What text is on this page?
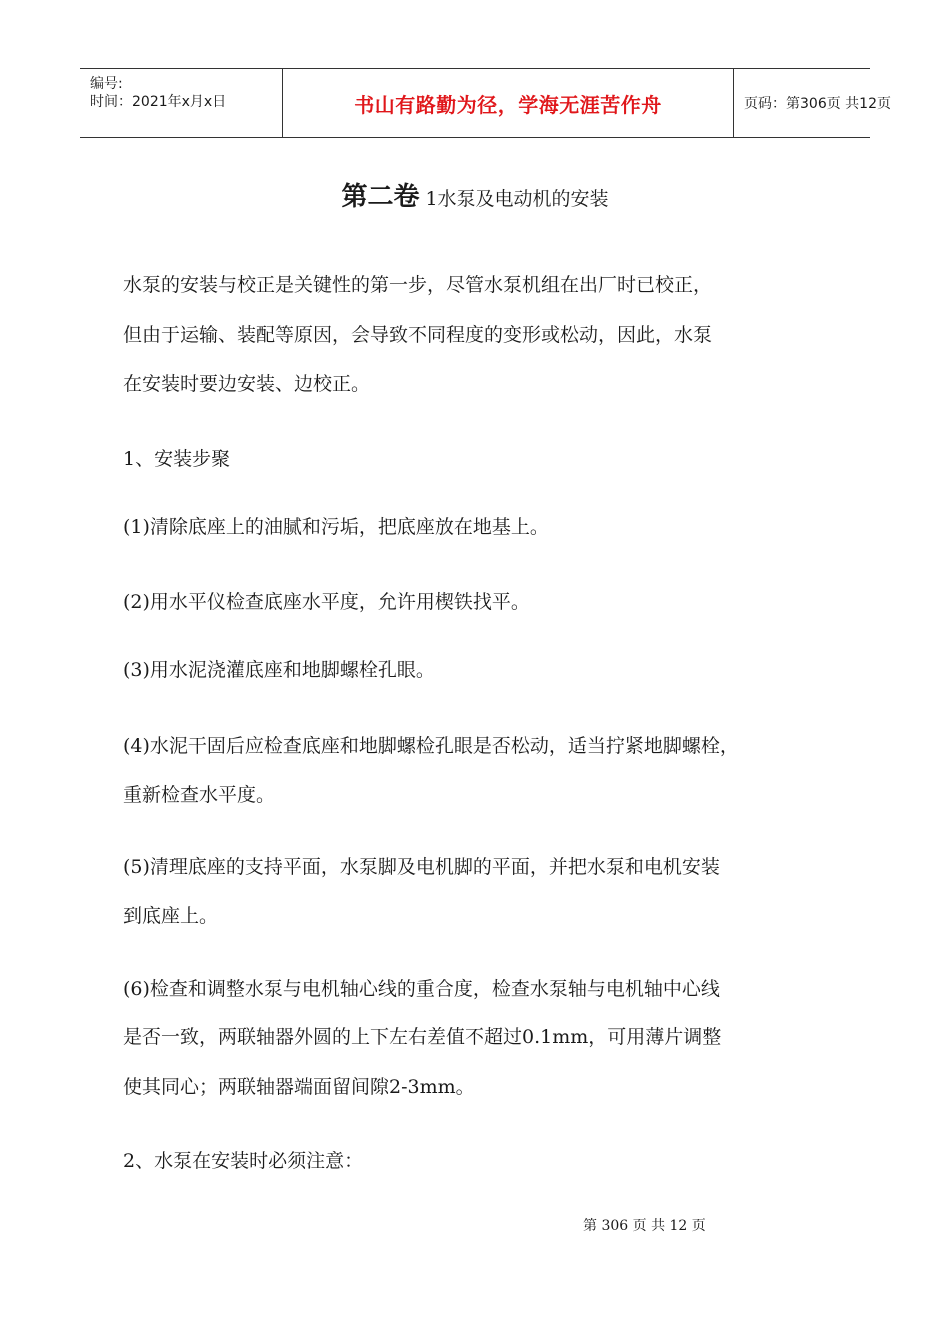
编号:
时间：2021年x月x日	书山有路勤为径，学海无涯苦作舟	页码：第306页 共12页
第二卷 1水泵及电动机的安装
水泵的安装与校正是关键性的第一步，尽管水泵机组在出厂时已校正，
但由于运输、装配等原因，会导致不同程度的变形或松动，因此，水泵
在安装时要边安装、边校正。
1、安装步聚
(1)清除底座上的油腻和污垢，把底座放在地基上。
(2)用水平仪检查底座水平度，允许用楔铁找平。
(3)用水泥浇灌底座和地脚螺栓孔眼。
(4)水泥干固后应检查底座和地脚螺检孔眼是否松动，适当拧紧地脚螺栓，
重新检查水平度。
(5)清理底座的支持平面，水泵脚及电机脚的平面，并把水泵和电机安装
到底座上。
(6)检查和调整水泵与电机轴心线的重合度，检查水泵轴与电机轴中心线
是否一致，两联轴器外圆的上下左右差值不超过0.1mm，可用薄片调整
使其同心；两联轴器端面留间隙2-3mm。
2、水泵在安装时必须注意：
第 306 页 共 12 页
